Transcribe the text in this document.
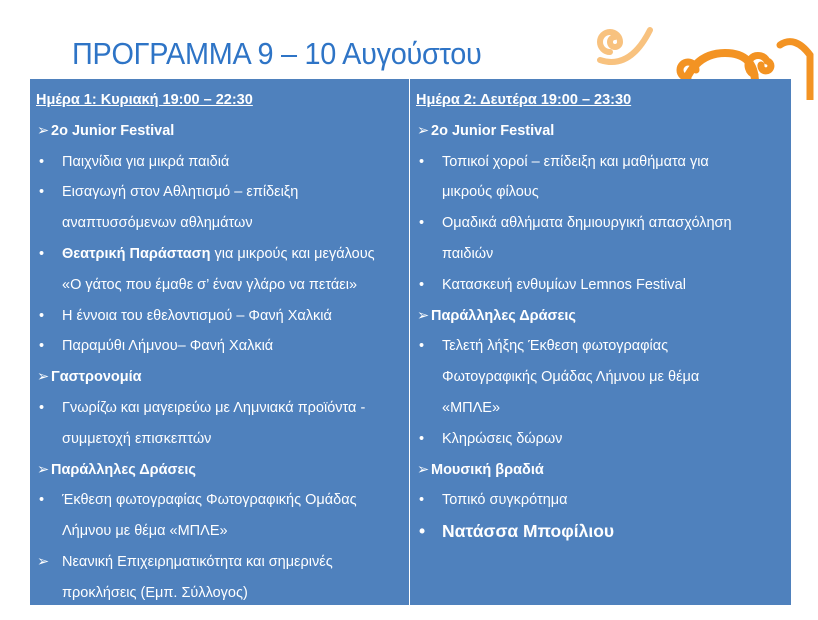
ΠΡΟΓΡΑΜΜΑ 9 – 10 Αυγούστου
Ημέρα 1: Κυριακή 19:00 – 22:30
➢ 2o Junior Festival
• Παιχνίδια για μικρά παιδιά
• Εισαγωγή στον Αθλητισμό – επίδειξη
αναπτυσσόμενων αθλημάτων
• Θεατρική Παράσταση για μικρούς και μεγάλους
«Ο γάτος που έμαθε σ’ έναν γλάρο να πετάει»
• Η έννοια του εθελοντισμού – Φανή Χαλκιά
• Παραμύθι Λήμνου– Φανή Χαλκιά
➢ Γαστρονομία
• Γνωρίζω και μαγειρεύω με Λημνιακά προϊόντα -
συμμετοχή επισκεπτών
➢ Παράλληλες Δράσεις
• Έκθεση φωτογραφίας Φωτογραφικής Ομάδας
Λήμνου με θέμα «ΜΠΛΕ»
➢ Νεανική Επιχειρηματικότητα και σημερινές
προκλήσεις (Εμπ. Σύλλογος)
Ημέρα 2: Δευτέρα 19:00 – 23:30
➢ 2o Junior Festival
• Τοπικοί χοροί – επίδειξη και μαθήματα για
μικρούς φίλους
• Ομαδικά αθλήματα δημιουργική απασχόληση
παιδιών
• Κατασκευή ενθυμίων Lemnos Festival
➢ Παράλληλες Δράσεις
• Τελετή λήξης Έκθεση φωτογραφίας
Φωτογραφικής Ομάδας Λήμνου με θέμα
«ΜΠΛΕ»
• Κληρώσεις δώρων
➢ Μουσική βραδιά
• Τοπικό συγκρότημα
• Νατάσσα Μποφίλιου
